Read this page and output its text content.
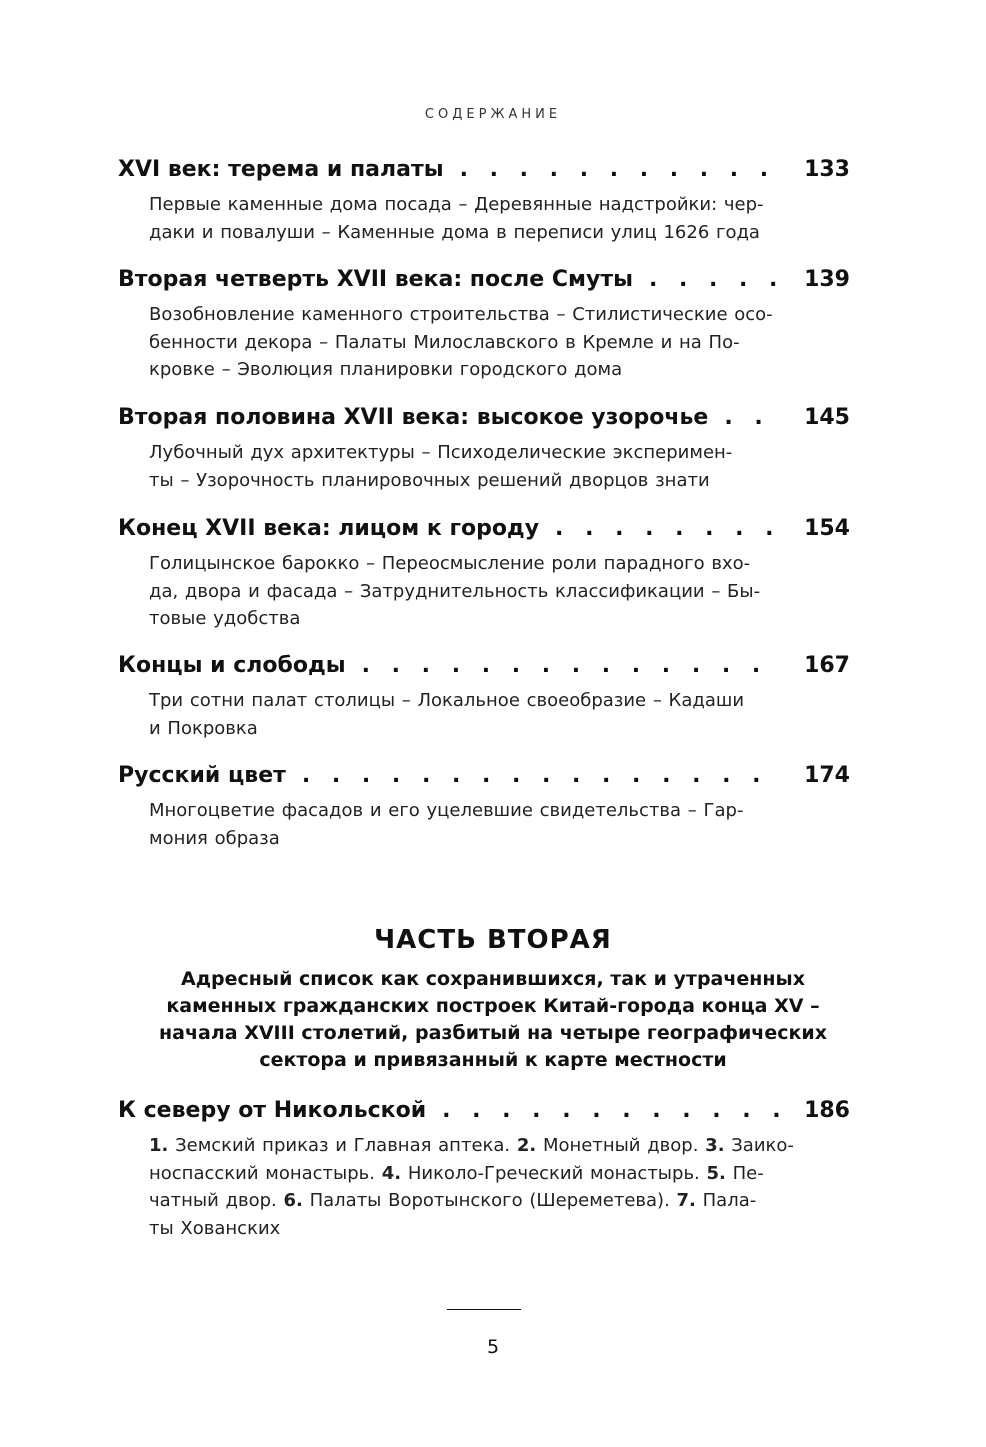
СОДЕРЖАНИЕ
XVI век: терема и палаты . . .	133
Первые каменные дома посада – Деревянные надстройки: чер-
даки и повалуши – Каменные дома в переписи улиц 1626 года
Вторая четверть XVII века: после Смуты . . .	139
Возобновление каменного строительства – Стилистические осо-
бенности декора – Палаты Милославского в Кремле и на По-
кровке – Эволюция планировки городского дома
Вторая половина XVII века: высокое узорочье . . .	145
Лубочный дух архитектуры – Психоделические эксперимен-
ты – Узорочность планировочных решений дворцов знати
Конец XVII века: лицом к городу . . .	154
Голицынское барокко – Переосмысление роли парадного вхо-
да, двора и фасада – Затруднительность классификации – Бы-
товые удобства
Концы и слободы . . .	167
Три сотни палат столицы – Локальное своеобразие – Кадаши
и Покровка
Русский цвет . . .	174
Многоцветие фасадов и его уцелевшие свидетельства – Гар-
мония образа
ЧАСТЬ ВТОРАЯ
Адресный список как сохранившихся, так и утраченных
каменных гражданских построек Китай-города конца XV –
начала XVIII столетий, разбитый на четыре географических
сектора и привязанный к карте местности
К северу от Никольской . . .	186
1. Земский приказ и Главная аптека. 2. Монетный двор. 3. Заико-
носпасский монастырь. 4. Николо-Греческий монастырь. 5. Пе-
чатный двор. 6. Палаты Воротынского (Шереметева). 7. Пала-
ты Хованских
5
